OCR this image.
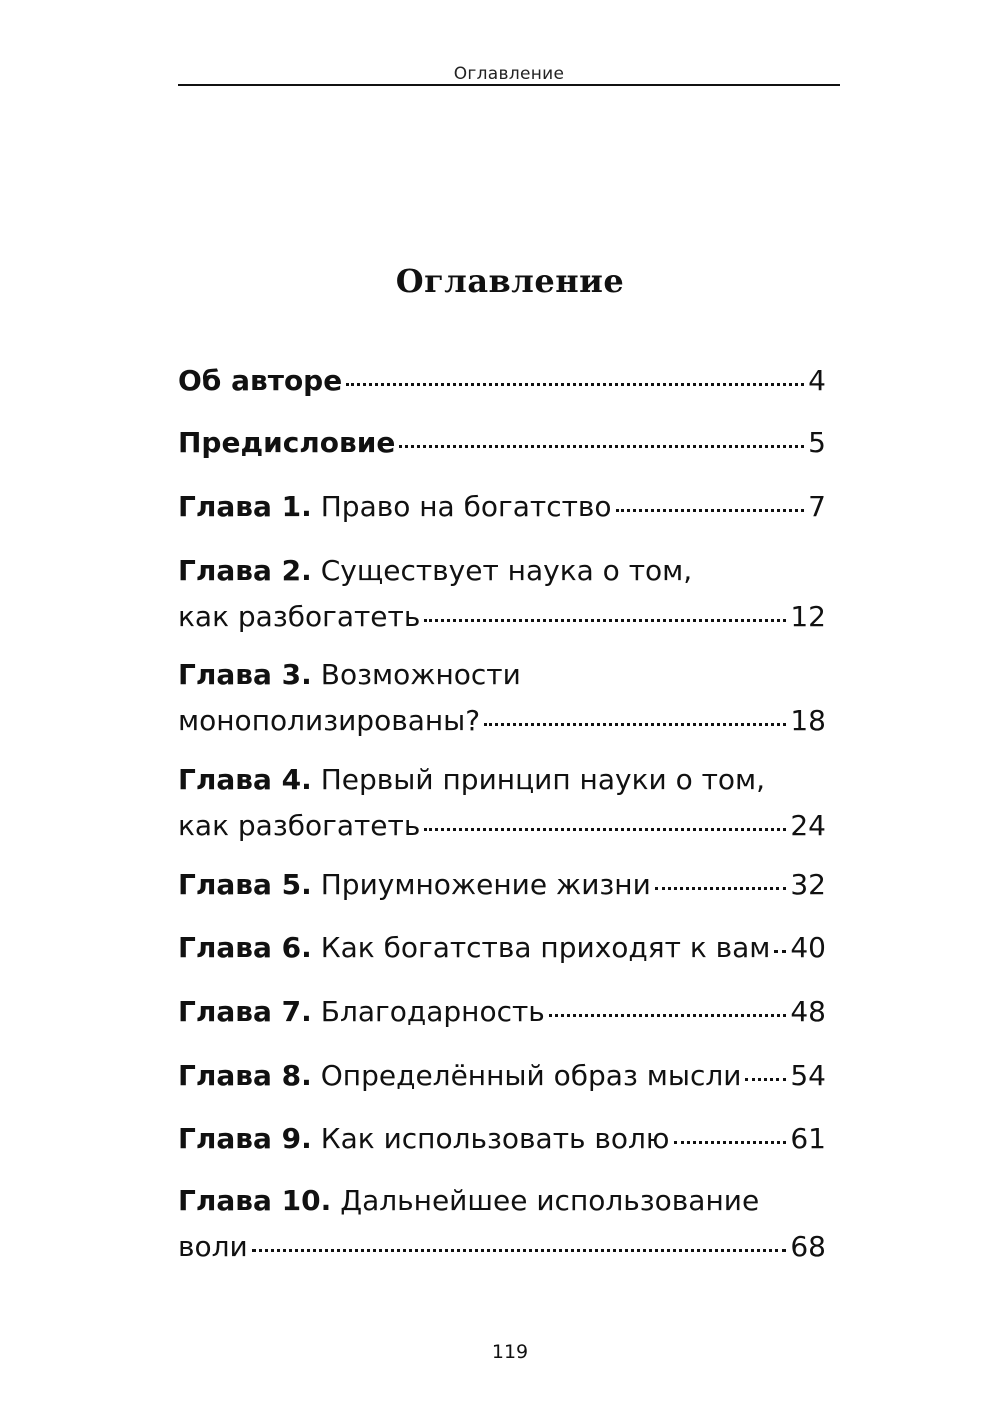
Оглавление
Оглавление
Об авторе	4
Предисловие	5
Глава 1. Право на богатство	7
Глава 2. Существует наука о том,
как разбогатеть	12
Глава 3. Возможности
монополизированы?	18
Глава 4. Первый принцип науки о том,
как разбогатеть	24
Глава 5. Приумножение жизни	32
Глава 6. Как богатства приходят к вам 40
Глава 7. Благодарность	48
Глава 8. Определённый образ мысли 54
Глава 9. Как использовать волю	61
Глава 10. Дальнейшее использование
воли	68
119
